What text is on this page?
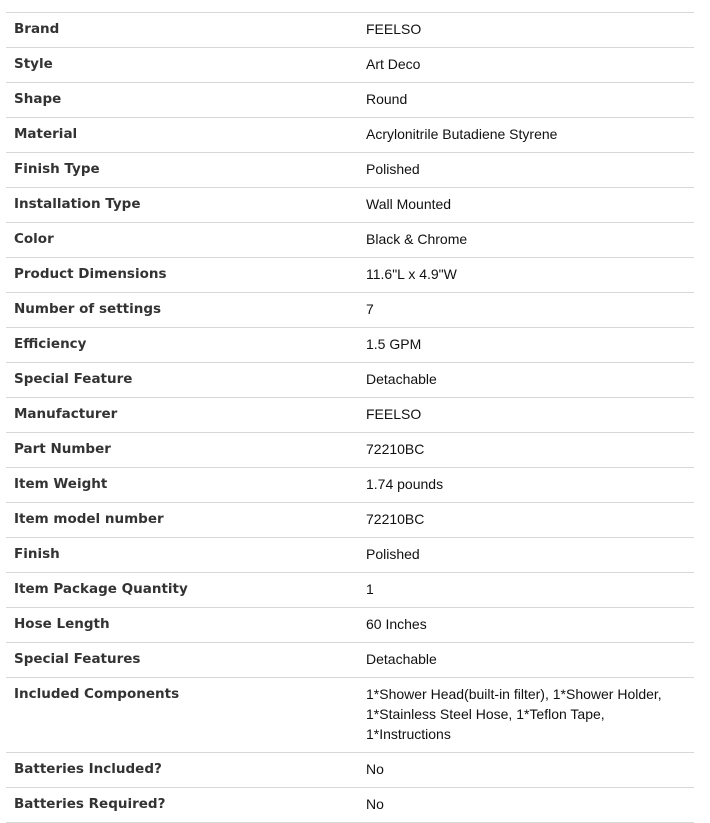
Brand	FEELSO
Style	Art Deco
Shape	Round
Material	Acrylonitrile Butadiene Styrene
Finish Type	Polished
Installation Type	Wall Mounted
Color	Black & Chrome
Product Dimensions	11.6"L x 4.9"W
Number of settings	7
Efficiency	1.5 GPM
Special Feature	Detachable
Manufacturer	FEELSO
Part Number	72210BC
Item Weight	1.74 pounds
Item model number	72210BC
Finish	Polished
Item Package Quantity	1
Hose Length	60 Inches
Special Features	Detachable
Included Components	1*Shower Head(built-in filter), 1*Shower Holder, 1*Stainless Steel Hose, 1*Teflon Tape, 1*Instructions
Batteries Included?	No
Batteries Required?	No
